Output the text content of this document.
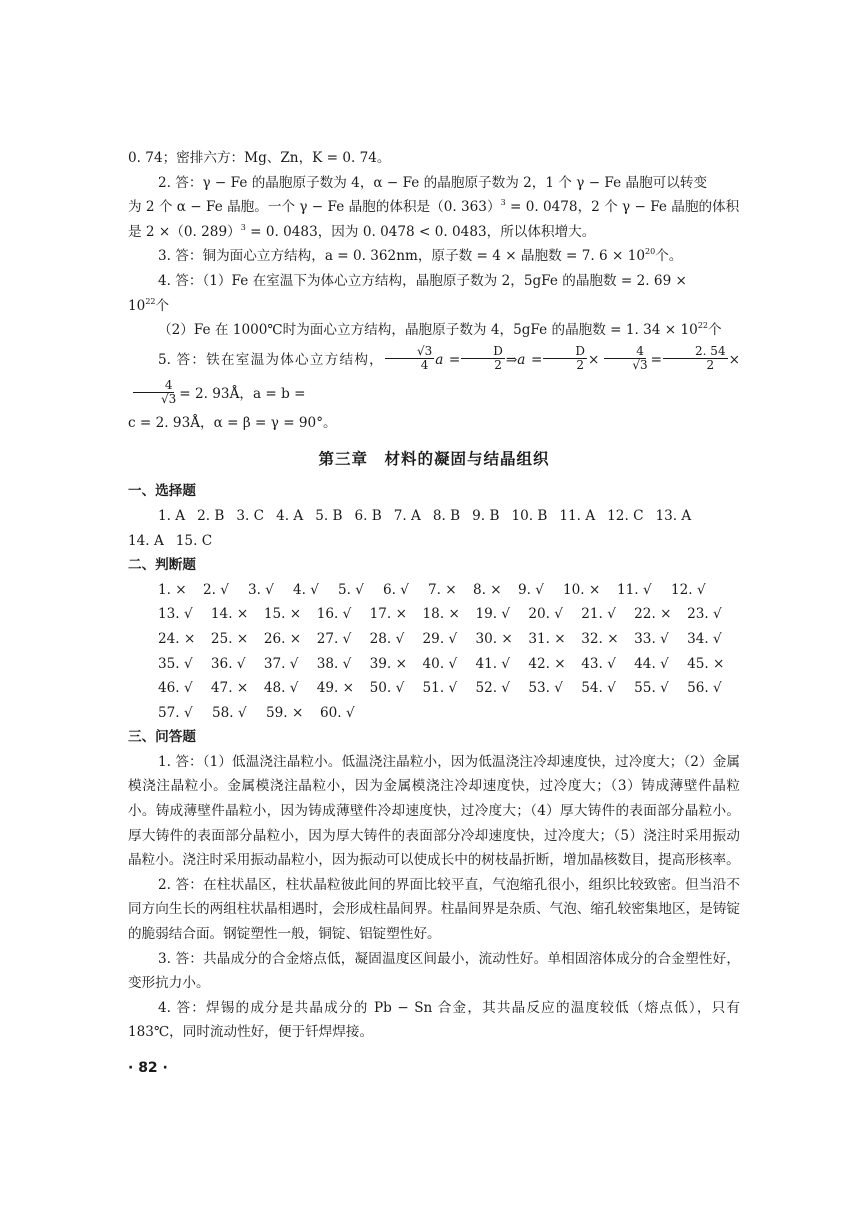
0. 74；密排六方：Mg、Zn，K = 0. 74。

2. 答：γ − Fe 的晶胞原子数为 4，α − Fe 的晶胞原子数为 2，1 个 γ − Fe 晶胞可以转变
为 2 个 α − Fe 晶胞。一个 γ − Fe 晶胞的体积是（0. 363）$^3$ = 0. 0478，2 个 γ − Fe 晶胞的体积
是 2 ×（0. 289）$^3$ = 0. 0483，因为 0. 0478 < 0. 0483，所以体积增大。

3. 答：铜为面心立方结构，a = 0. 362nm，原子数 = 4 × 晶胞数 = 7. $6 \times 10^{20}$个。

4. 答：（1）Fe 在室温下为体心立方结构，晶胞原子数为 2，5gFe 的晶胞数 = 2. 69 ×

$10^{22}$个

（2）Fe 在 1000℃时为面心立方结构，晶胞原子数为 4，5gFe 的晶胞数 = 1. $34 \times 10^{22}$个

5. 答：铁在室温为体心立方结构， $\frac{√3}{4}$ $a = \frac{D}{2}$ ⇒a = $\frac{D}{2} \times \frac{4}{√3} = \frac{2. 54}{2}$ ×
$\frac{4}{√3} = 2$. 93Å，a = b =

c = 2. 93Å，α = β = γ = 90°。

第三章　材料的凝固与结晶组织

一、选择题

1. A 2. B 3. C 4. A 5. B 6. B 7. A 8. B 9. B 10. B 11. A 12. C 13. A
14. A 15. C

二、判断题

1. ×	2. √	3. √	4. √	5. √	6. √	7. ×	8. ×	9. √	10. ×	11. √	12. √
13. √	14. ×	15. ×	16. √	17. ×	18. ×	19. √	20. √	21. √	22. ×	23. √
24. ×	25. ×	26. ×	27. √	28. √	29. √	30. ×	31. ×	32. ×	33. √	34. √
35. √	36. √	37. √	38. √	39. ×	40. √	41. √	42. ×	43. √	44. √	45. ×
46. √	47. ×	48. √	49. ×	50. √	51. √	52. √	53. √	54. √	55. √	56. √
57. √	58. √	59. ×	60. √

三、问答题

1. 答：（1）低温浇注晶粒小。低温浇注晶粒小，因为低温浇注冷却速度快，过冷度大；（2）金属模浇注晶粒小。金属模浇注晶粒小，因为金属模浇注冷却速度快，过冷度大；（3）铸成薄壁件晶粒小。铸成薄壁件晶粒小，因为铸成薄壁件冷却速度快，过冷度大；（4）厚大铸件的表面部分晶粒小。厚大铸件的表面部分晶粒小，因为厚大铸件的表面部分冷却速度快，过冷度大；（5）浇注时采用振动晶粒小。浇注时采用振动晶粒小，因为振动可以使成长中的树枝晶折断，增加晶核数目，提高形核率。

2. 答：在柱状晶区，柱状晶粒彼此间的界面比较平直，气泡缩孔很小，组织比较致密。但当沿不同方向生长的两组柱状晶相遇时，会形成柱晶间界。柱晶间界是杂质、气泡、缩孔较密集地区，是铸锭的脆弱结合面。钢锭塑性一般，铜锭、铝锭塑性好。

3. 答：共晶成分的合金熔点低，凝固温度区间最小，流动性好。单相固溶体成分的合金塑性好，变形抗力小。

4. 答：焊锡的成分是共晶成分的 Pb − Sn 合金，其共晶反应的温度较低（熔点低），只有 183℃，同时流动性好，便于钎焊焊接。

· 82 ·
